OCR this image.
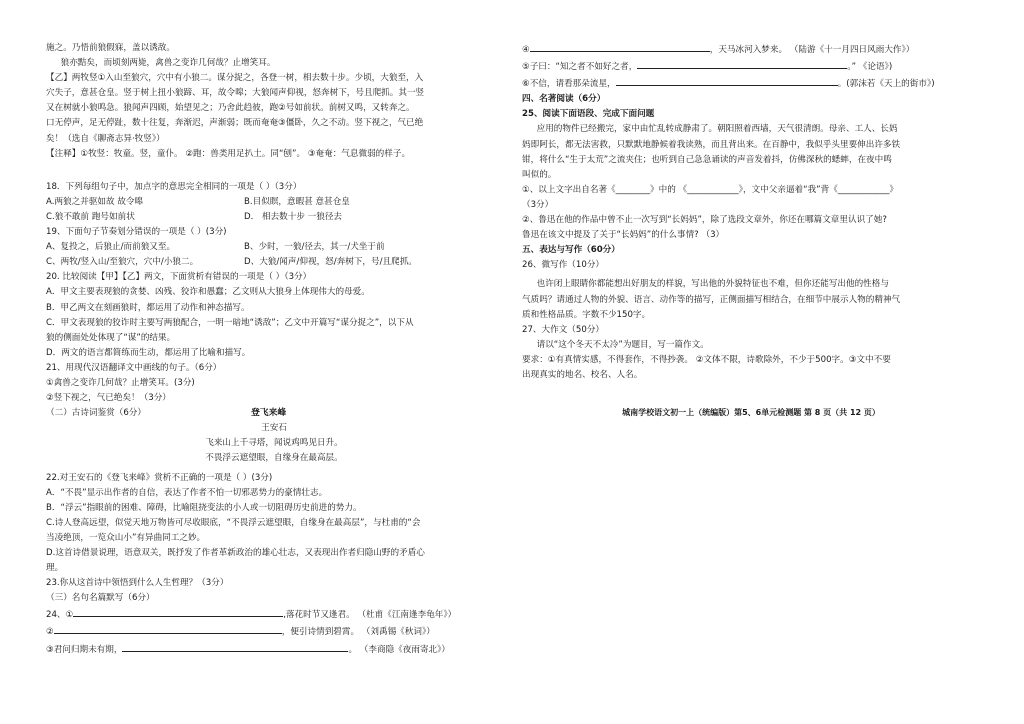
施之。乃悟前狼假寐，盖以诱敌。

狼亦黠矣，而顷刻两毙，禽兽之变诈几何哉？止增笑耳。

【乙】两牧竖①入山至狼穴，穴中有小狼二。谋分捉之，各登一树，相去数十步。少顷，大狼至，入

穴失子，意甚仓皇。竖于树上扭小狼蹄、耳，故令嗥；大狼闻声仰视，怒奔树下，号且爬抓。其一竖

又在树就小狼鸣急。狼闻声四顾，始望见之；乃舍此趋彼，跑②号如前状。前树又鸣，又转奔之。

口无停声，足无停趾，数十往复，奔渐迟，声渐弱；既而奄奄③僵卧，久之不动。竖下视之，气已绝

矣！（选自《聊斋志异·牧竖》）

【注释】①牧竖：牧童。竖，童仆。 ②跑：兽类用足扒土。同“刨”。 ③奄奄：气息微弱的样子。

18．下列每组句子中，加点字的意思完全相同的一项是（ ）（3分）

A.两狼之并驱如故 故令嗥	B.目似瞑，意暇甚 意甚仓皇

C.狼不敢前 跑号如前状	D． 相去数十步 一狼径去

19、下面句子节奏划分错误的一项是（ ）(3分)

A、复投之，后狼止/而前狼又至。	B、少时，一狼/径去，其一/犬坐于前

C、两牧/竖入山/至狼穴，穴中/小狼二。	D、大狼/闻声/仰视，怒/奔树下，号/且爬抓。

20. 比较阅读【甲】【乙】两文，下面赏析有错误的一项是（ ）（3分）

A．甲文主要表现狼的贪婪、凶残、狡诈和愚蠢；乙文则从大狼身上体现伟大的母爱。

B．甲乙两文在刻画狼时，都运用了动作和神态描写。

C．甲文表现狼的狡诈时主要写两狼配合，一明一暗地“诱敌”；乙文中开篇写“谋分捉之”，以下从

狼的侧面处处体现了“谋”的结果。

D．两文的语言都简练而生动，都运用了比喻和描写。

21、用现代汉语翻译文中画线的句子。（6分）

①禽兽之变诈几何哉？止增笑耳。(3分)

②竖下视之，气已绝矣！（3分）

（二）古诗词鉴赏（6分）	登飞来峰

王安石

飞来山上千寻塔，闻说鸡鸣见日升。

不畏浮云遮望眼，自缘身在最高层。

22.对王安石的《登飞来峰》赏析不正确的一项是（ ）(3分)

A．“不畏”显示出作者的自信，表达了作者不怕一切邪恶势力的豪情壮志。

B．“浮云”指眼前的困难、障碍，比喻阻挠变法的小人或一切阻碍历史前进的势力。

C.诗人登高远望，似觉天地万物皆可尽收眼底，“不畏浮云遮望眼，自缘身在最高层”，与杜甫的“会

当凌绝顶，一览众山小”有异曲同工之妙。

D.这首诗借景说理，语意双关，既抒发了作者革新政治的雄心壮志，又表现出作者归隐山野的矛盾心

理。

23.你从这首诗中领悟到什么人生哲理？（3分）

（三）名句名篇默写（6分）

24、①	,落花时节又逢君。 （杜甫《江南逢李龟年》）

②	，便引诗情到碧霄。 （刘禹锡《秋词》）

③君问归期未有期，	。 （李商隐《夜雨寄北》）

④	，天马冰河入梦来。 （陆游《十一月四日风雨大作》）

⑤子曰：“知之者不如好之者，	。” 《论语》)

⑥不信，请看那朵流星，	。(郭沫若《天上的街市》)

四、名著阅读（6分）

25、阅读下面语段、完成下面问题

应用的物件已经搬完，家中由忙乱转成静肃了。朝阳照着西墙，天气很清朗。母亲、工人、长妈

妈即阿长，都无法害救，只默默地静候着我读熟，而且背出来。在百静中，我似乎头里要伸出许多铁

钳，将什么“生于太荒”之流夹住；也听到自己急急诵读的声音发着抖，仿佛深秋的蟋蟀，在夜中鸣

叫似的。

①、以上文字出自名著《________》中的 《____________》，文中父亲逼着“我”背《____________》

（3分）

②、鲁迅在他的作品中曾不止一次写到“长妈妈”，除了选段文章外，你还在哪篇文章里认识了她?

鲁迅在该文中提及了关于“长妈妈”的什么事情? （3）

五、表达与写作（60分）

26、微写作（10分）

也许闭上眼睛你都能想出好朋友的样貌，写出他的外貌特征也不难，但你还能写出他的性格与

气质吗？请通过人物的外貌、语言、动作等的描写，正侧面描写相结合，在细节中展示人物的精神气

质和性格品质。字数不少150字。

27、大作文（50分）

请以“这个冬天不太冷”为题目，写一篇作文。

要求：①有真情实感，不得套作，不得抄袭。 ②文体不限，诗歌除外，不少于500字。③文中不要

出现真实的地名、校名、人名。

城南学校语文初一上（统编版）第5、6单元检测题 第 8 页（共 12 页）
